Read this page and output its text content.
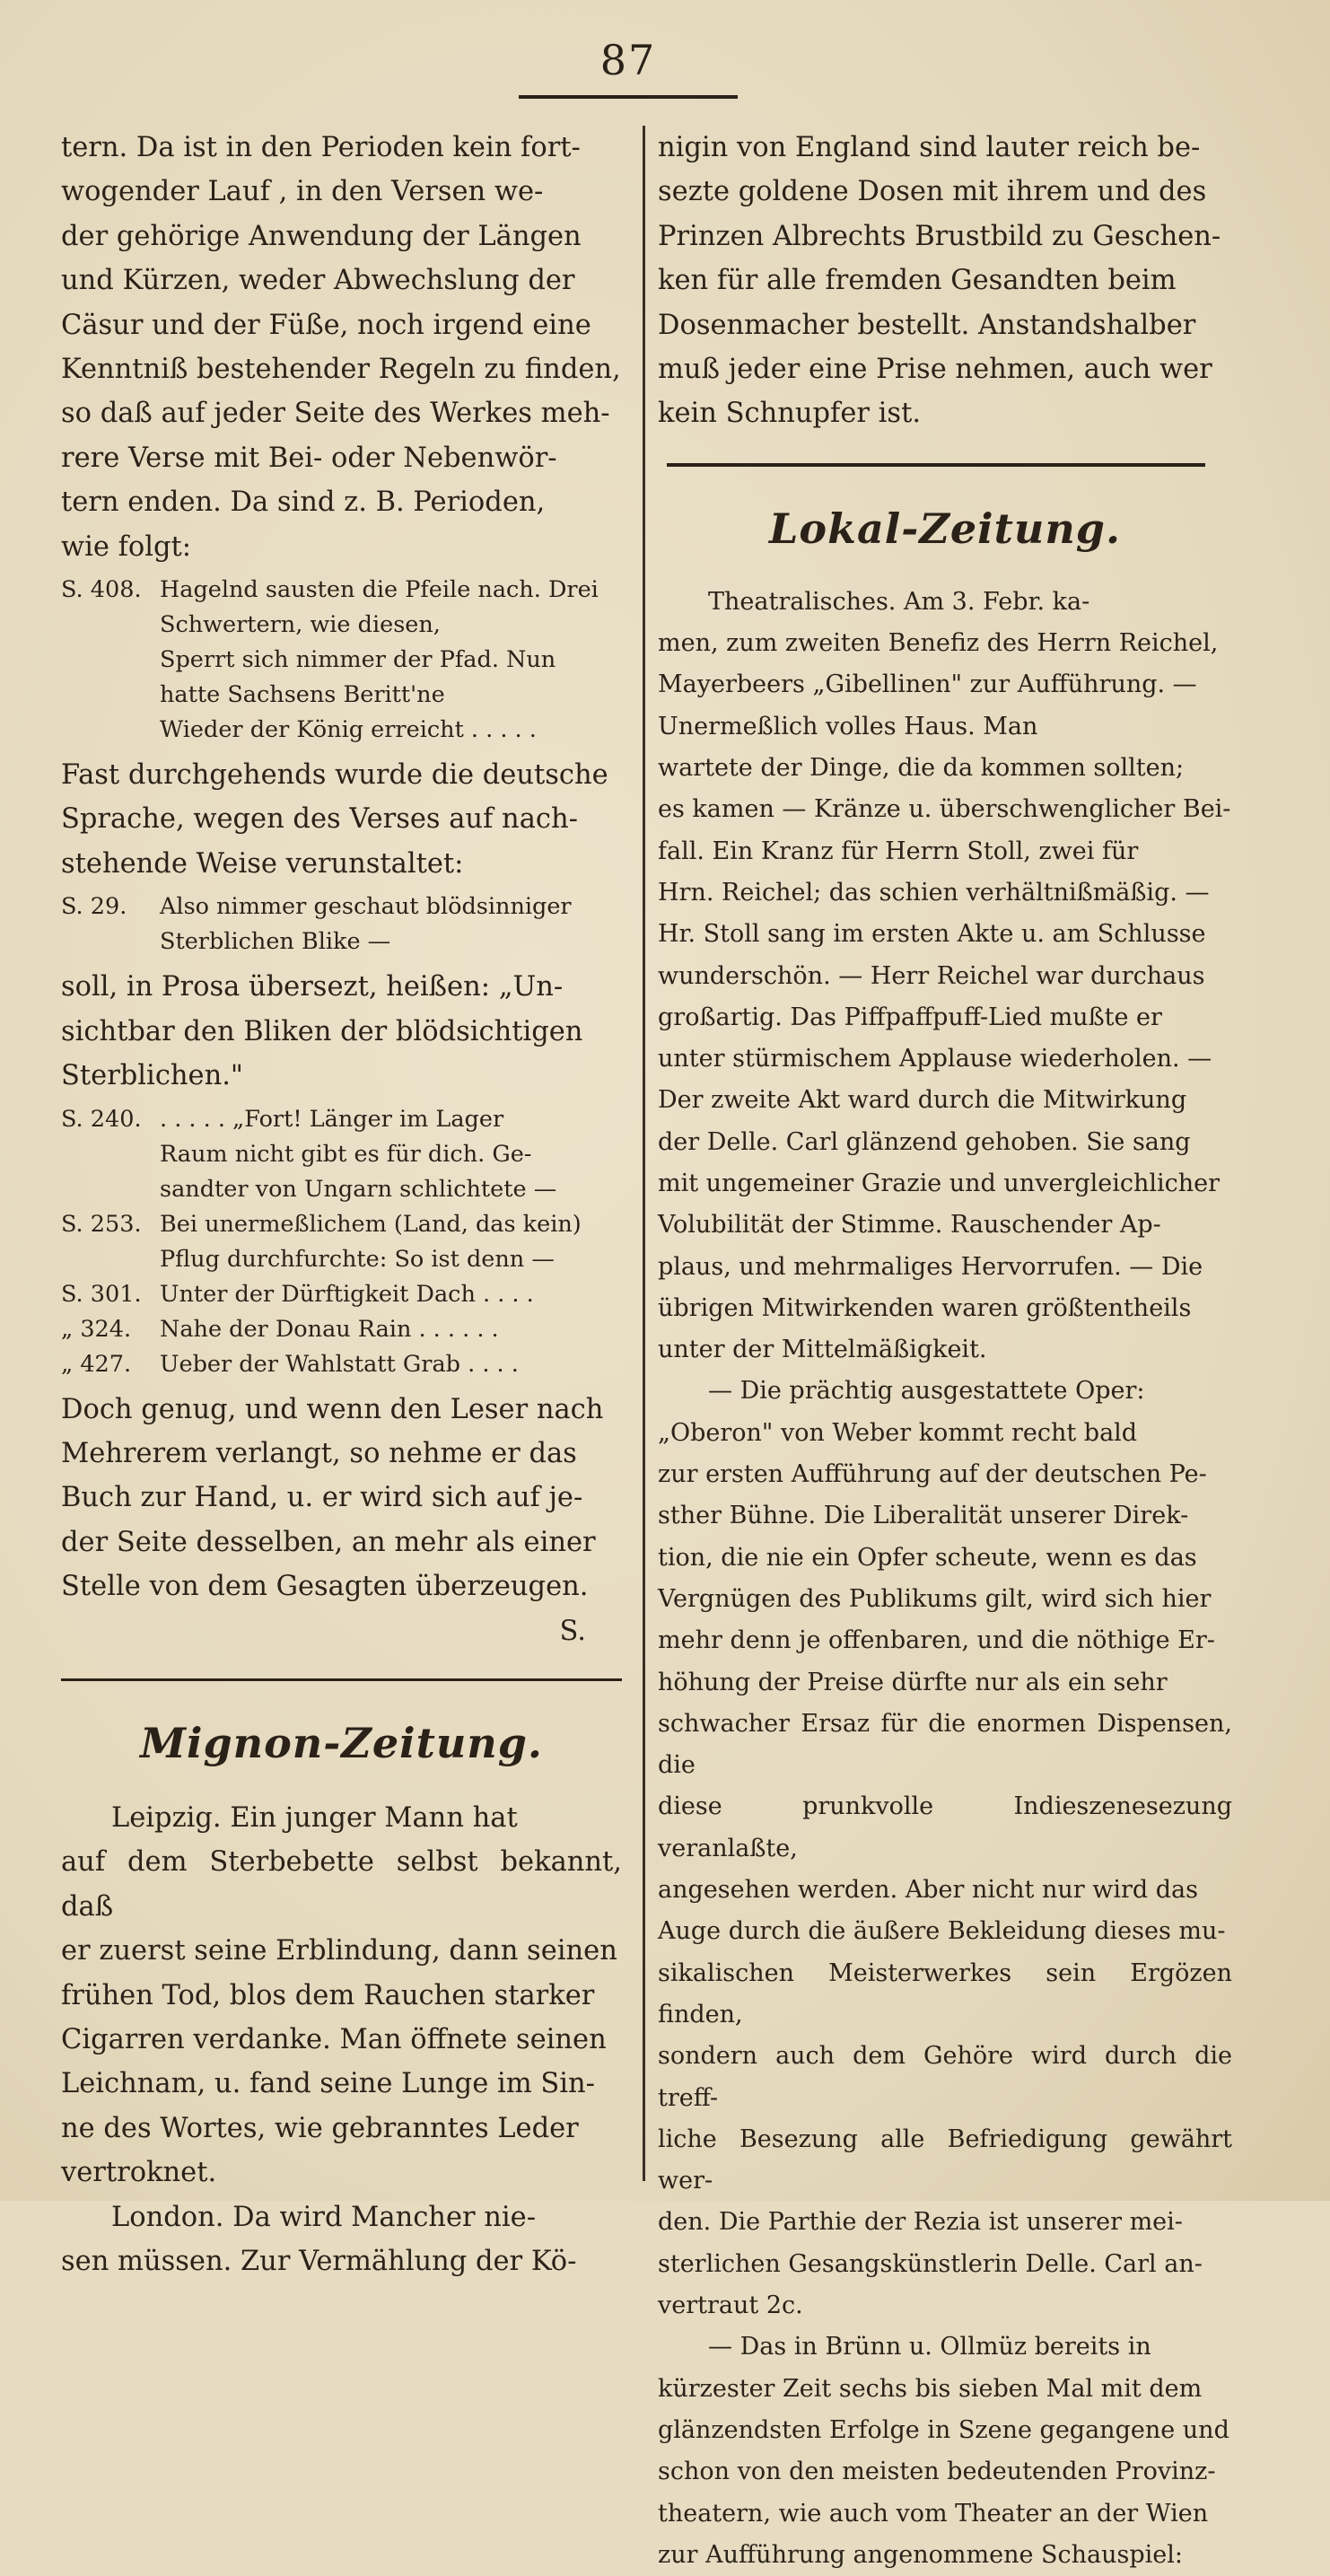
87
tern. Da ist in den Perioden kein fort-
wogender Lauf , in den Versen we-
der gehörige Anwendung der Längen
und Kürzen, weder Abwechslung der
Cäsur und der Füße, noch irgend eine
Kenntniß bestehender Regeln zu finden,
so daß auf jeder Seite des Werkes meh-
rere Verse mit Bei- oder Nebenwör-
tern enden. Da sind z. B. Perioden,
wie folgt:
S. 408. Hagelnd sausten die Pfeile nach. Drei
Schwertern, wie diesen,
Sperrt sich nimmer der Pfad. Nun
hatte Sachsens Beritt'ne
Wieder der König erreicht . . . . .
Fast durchgehends wurde die deutsche
Sprache, wegen des Verses auf nach-
stehende Weise verunstaltet:
S. 29.	Also nimmer geschaut blödsinniger
Sterblichen Blike —
soll, in Prosa übersezt, heißen: „Un-
sichtbar den Bliken der blödsichtigen
Sterblichen."
S. 240. . . . . . „Fort! Länger im Lager
Raum nicht gibt es für dich. Ge-
sandter von Ungarn schlichtete —
S. 253. Bei unermeßlichem (Land, das kein)
Pflug durchfurchte: So ist denn —
S. 301. Unter der Dürftigkeit Dach . . . .
„ 324.	Nahe der Donau Rain . . . . . .
„ 427.	Ueber der Wahlstatt Grab . . . .
Doch genug, und wenn den Leser nach
Mehrerem verlangt, so nehme er das
Buch zur Hand, u. er wird sich auf je-
der Seite desselben, an mehr als einer
Stelle von dem Gesagten überzeugen.
S.
Mignon-Zeitung.
Leipzig. Ein junger Mann hat
auf dem Sterbebette selbst bekannt, daß
er zuerst seine Erblindung, dann seinen
frühen Tod, blos dem Rauchen starker
Cigarren verdanke. Man öffnete seinen
Leichnam, u. fand seine Lunge im Sin-
ne des Wortes, wie gebranntes Leder
vertroknet.
London. Da wird Mancher nie-
sen müssen. Zur Vermählung der Kö-
nigin von England sind lauter reich be-
sezte goldene Dosen mit ihrem und des
Prinzen Albrechts Brustbild zu Geschen-
ken für alle fremden Gesandten beim
Dosenmacher bestellt. Anstandshalber
muß jeder eine Prise nehmen, auch wer
kein Schnupfer ist.
Lokal-Zeitung.
Theatralisches. Am 3. Febr. ka-
men, zum zweiten Benefiz des Herrn Reichel,
Mayerbeers „Gibellinen" zur Aufführung. —
Unermeßlich volles Haus. Man
wartete der Dinge, die da kommen sollten;
es kamen — Kränze u. überschwenglicher Bei-
fall. Ein Kranz für Herrn Stoll, zwei für
Hrn. Reichel; das schien verhältnißmäßig. —
Hr. Stoll sang im ersten Akte u. am Schlusse
wunderschön. — Herr Reichel war durchaus
großartig. Das Piffpaffpuff-Lied mußte er
unter stürmischem Applause wiederholen. —
Der zweite Akt ward durch die Mitwirkung
der Delle. Carl glänzend gehoben. Sie sang
mit ungemeiner Grazie und unvergleichlicher
Volubilität der Stimme. Rauschender Ap-
plaus, und mehrmaliges Hervorrufen. — Die
übrigen Mitwirkenden waren größtentheils
unter der Mittelmäßigkeit.
— Die prächtig ausgestattete Oper:
„Oberon" von Weber kommt recht bald
zur ersten Aufführung auf der deutschen Pe-
sther Bühne. Die Liberalität unserer Direk-
tion, die nie ein Opfer scheute, wenn es das
Vergnügen des Publikums gilt, wird sich hier
mehr denn je offenbaren, und die nöthige Er-
höhung der Preise dürfte nur als ein sehr
schwacher Ersaz für die enormen Dispensen, die
diese prunkvolle Indieszenesezung veranlaßte,
angesehen werden. Aber nicht nur wird das
Auge durch die äußere Bekleidung dieses mu-
sikalischen Meisterwerkes sein Ergözen finden,
sondern auch dem Gehöre wird durch die treff-
liche Besezung alle Befriedigung gewährt wer-
den. Die Parthie der Rezia ist unserer mei-
sterlichen Gesangskünstlerin Delle. Carl an-
vertraut 2c.
— Das in Brünn u. Ollmüz bereits in
kürzester Zeit sechs bis sieben Mal mit dem
glänzendsten Erfolge in Szene gegangene und
schon von den meisten bedeutenden Provinz-
theatern, wie auch vom Theater an der Wien
zur Aufführung angenommene Schauspiel:
